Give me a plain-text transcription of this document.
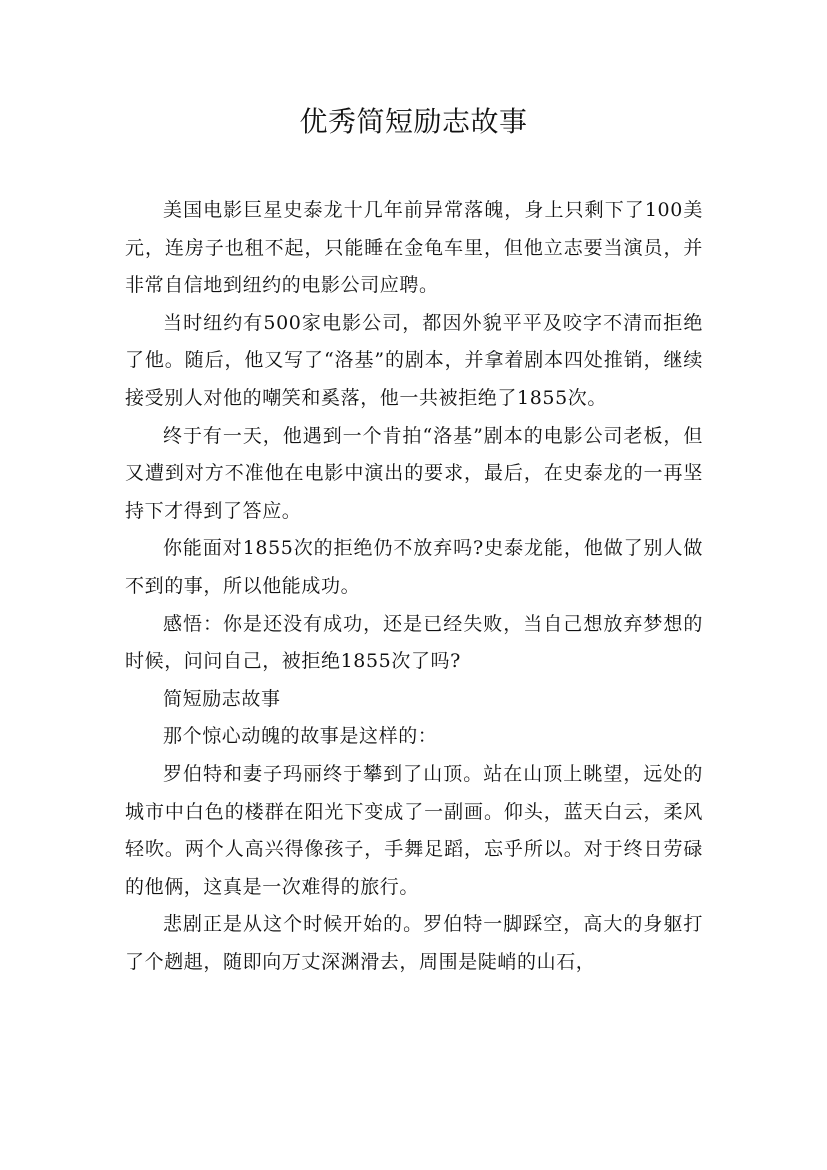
优秀简短励志故事

美国电影巨星史泰龙十几年前异常落魄，身上只剩下了100美元，连房子也租不起，只能睡在金龟车里，但他立志要当演员，并非常自信地到纽约的电影公司应聘。

当时纽约有500家电影公司，都因外貌平平及咬字不清而拒绝了他。随后，他又写了“洛基”的剧本，并拿着剧本四处推销，继续接受别人对他的嘲笑和奚落，他一共被拒绝了1855次。

终于有一天，他遇到一个肯拍“洛基”剧本的电影公司老板，但又遭到对方不准他在电影中演出的要求，最后，在史泰龙的一再坚持下才得到了答应。

你能面对1855次的拒绝仍不放弃吗?史泰龙能，他做了别人做不到的事，所以他能成功。

感悟：你是还没有成功，还是已经失败，当自己想放弃梦想的时候，问问自己，被拒绝1855次了吗?

简短励志故事

那个惊心动魄的故事是这样的：

罗伯特和妻子玛丽终于攀到了山顶。站在山顶上眺望，远处的城市中白色的楼群在阳光下变成了一副画。仰头，蓝天白云，柔风轻吹。两个人高兴得像孩子，手舞足蹈，忘乎所以。对于终日劳碌的他俩，这真是一次难得的旅行。

悲剧正是从这个时候开始的。罗伯特一脚踩空，高大的身躯打了个趔趄，随即向万丈深渊滑去，周围是陡峭的山石，
